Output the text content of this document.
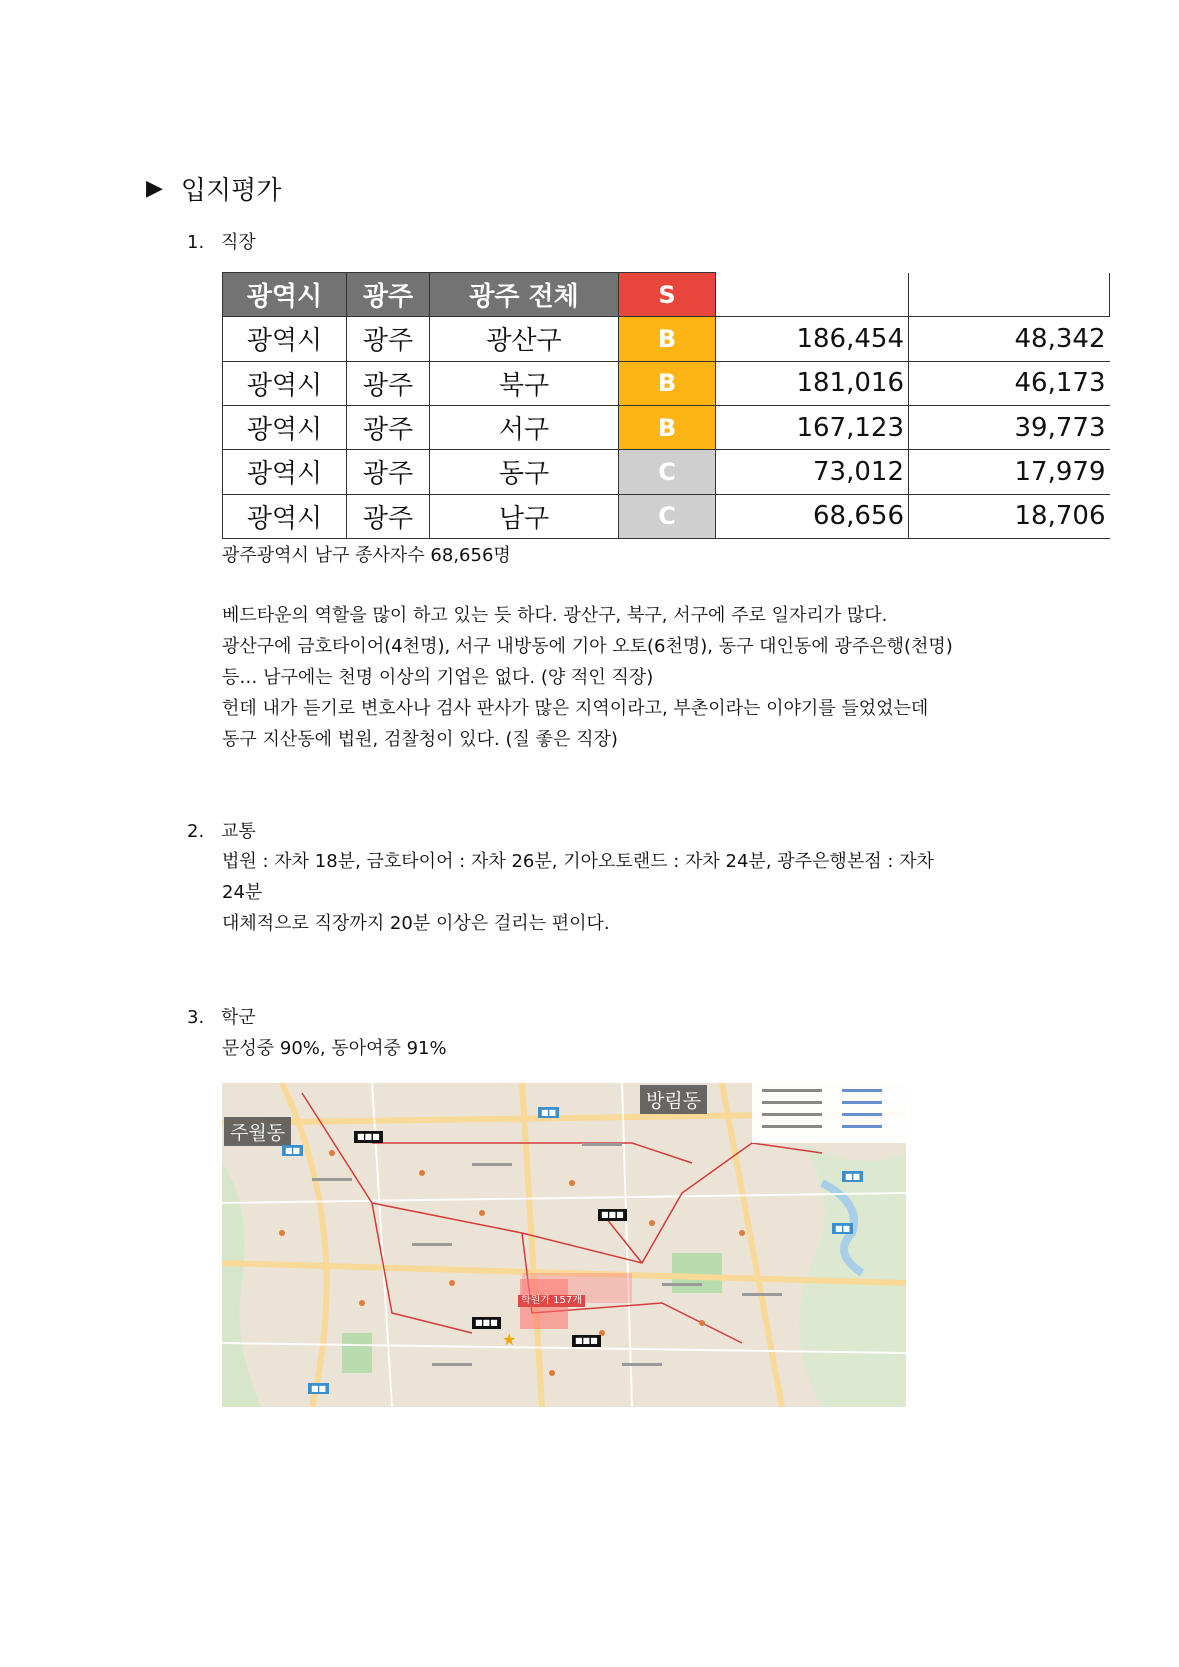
▶ 입지평가
1. 직장
광역시	광주	광주 전체	S		
광역시	광주	광산구	B	186,454	48,342
광역시	광주	북구	B	181,016	46,173
광역시	광주	서구	B	167,123	39,773
광역시	광주	동구	C	73,012	17,979
광역시	광주	남구	C	68,656	18,706
광주광역시 남구 종사자수 68,656명
베드타운의 역할을 많이 하고 있는 듯 하다. 광산구, 북구, 서구에 주로 일자리가 많다.
광산구에 금호타이어(4천명), 서구 내방동에 기아 오토(6천명), 동구 대인동에 광주은행(천명)
등… 남구에는 천명 이상의 기업은 없다. (양 적인 직장)
헌데 내가 듣기로 변호사나 검사 판사가 많은 지역이라고, 부촌이라는 이야기를 들었었는데
동구 지산동에 법원, 검찰청이 있다. (질 좋은 직장)
2. 교통
법원 : 자차 18분, 금호타이어 : 자차 26분, 기아오토랜드 : 자차 24분, 광주은행본점 : 자차
24분
대체적으로 직장까지 20분 이상은 걸리는 편이다.
3. 학군
문성중 90%, 동아여중 91%
★
주월동
방림동
학원가 157개
■■■
■■■
■■■
■■■
■■
■■
■■
■■
■■
